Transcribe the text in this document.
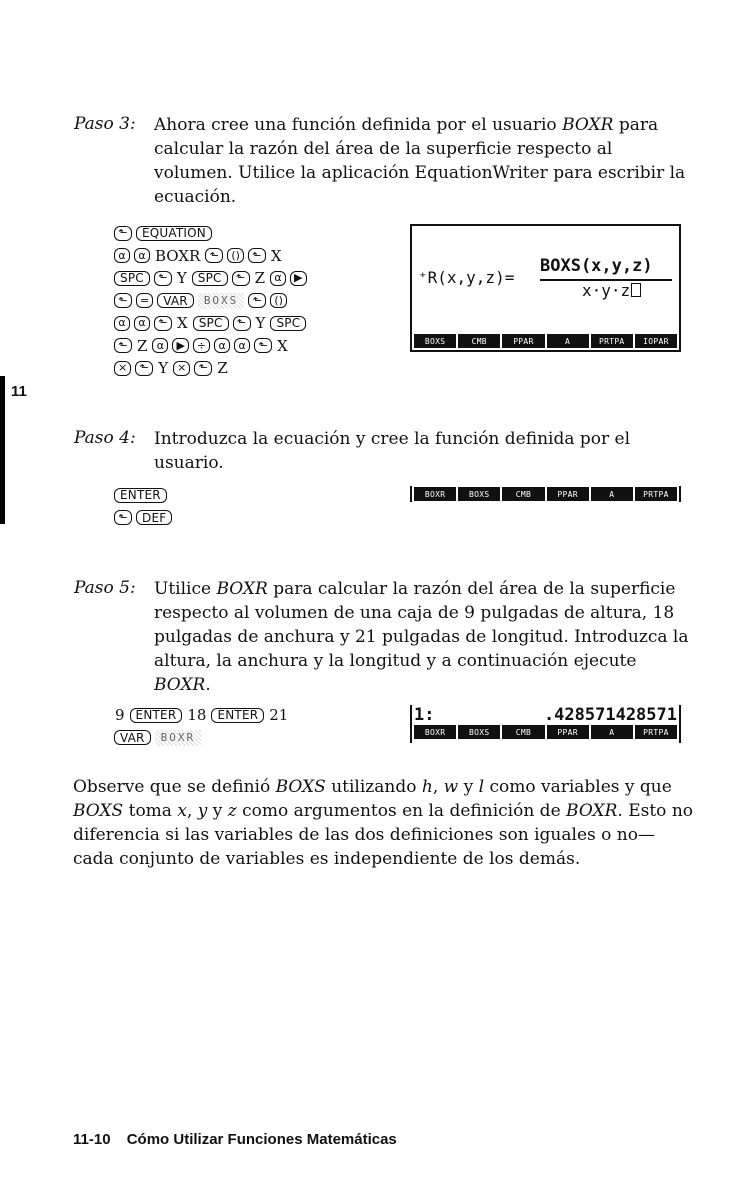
11
Paso 3: Ahora cree una función definida por el usuario BOXR para calcular la razón del área de la superficie respecto al volumen. Utilice la aplicación EquationWriter para escribir la ecuación.
⬑	EQUATION
α	α BOXR ⬑	()	⬑ X
SPC	⬑ Y SPC	⬑ Z α	▶
⬑	=	VAR	BOXS	⬑	()
α	α	⬑ X SPC	⬑ Y SPC
⬑ Z α	▶	÷	α	α	⬑ X
×	⬑ Y ×	⬑ Z
⁺R(x,y,z)=
BOXS(x,y,z)
x·y·z
BOXS	CMB	PPAR	A	PRTPA	IOPAR
Paso 4: Introduzca la ecuación y cree la función definida por el usuario.
ENTER
⬑	DEF
BOXR	BOXS	CMB	PPAR	A	PRTPA
Paso 5: Utilice BOXR para calcular la razón del área de la superficie respecto al volumen de una caja de 9 pulgadas de altura, 18 pulgadas de anchura y 21 pulgadas de longitud. Introduzca la altura, la anchura y la longitud y a continuación ejecute BOXR.
9 ENTER 18 ENTER 21
VAR	BOXR
1:	.428571428571
BOXR	BOXS	CMB	PPAR	A	PRTPA
Observe que se definió BOXS utilizando h, w y l como variables y que BOXS toma x, y y z como argumentos en la definición de BOXR. Esto no diferencia si las variables de las dos definiciones son iguales o no—cada conjunto de variables es independiente de los demás.
11-10 Cómo Utilizar Funciones Matemáticas
